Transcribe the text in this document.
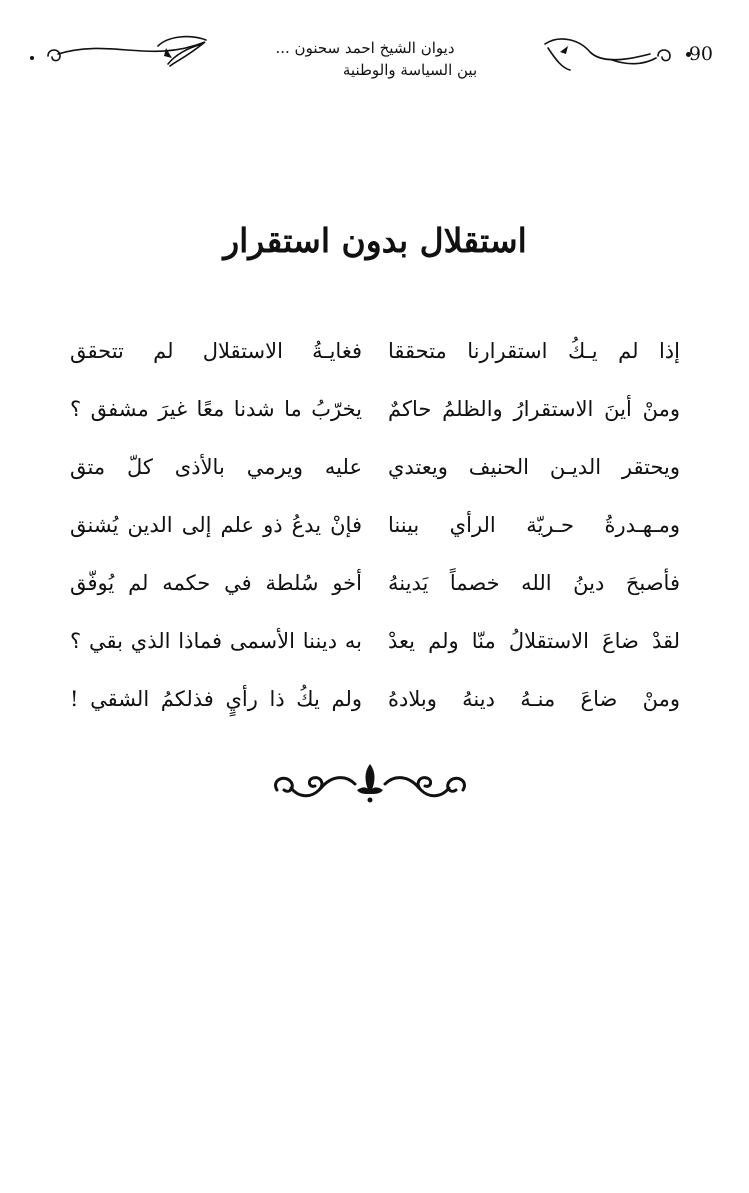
90
ديوان الشيخ احمد سحنون ...
بين السياسة والوطنية
استقلال بدون استقرار
إذا لم يـكُ استقرارنا متحققا
فغايـةُ الاستقلال لم تتحقق
ومنْ أينَ الاستقرارُ والظلمُ حاكمٌ
يخرّبُ ما شدنا معًا غيرَ مشفق ؟
ويحتقر الديـن الحنيف ويعتدي
عليه ويرمي بالأذى كلّ متق
ومـهـدرةُ حـريّة الرأي بيننا
فإنْ يدعُ ذو علم إلى الدين يُشنق
فأصبحَ دينُ الله خصماً يَدينهُ
أخو سُلطة في حكمه لم يُوفّق
لقدْ ضاعَ الاستقلالُ منّا ولم يعدْ
به ديننا الأسمى فماذا الذي بقي ؟
ومنْ ضاعَ منـهُ دينهُ وبلادهُ
ولم يكُ ذا رأيٍ فذلكمُ الشقي !
